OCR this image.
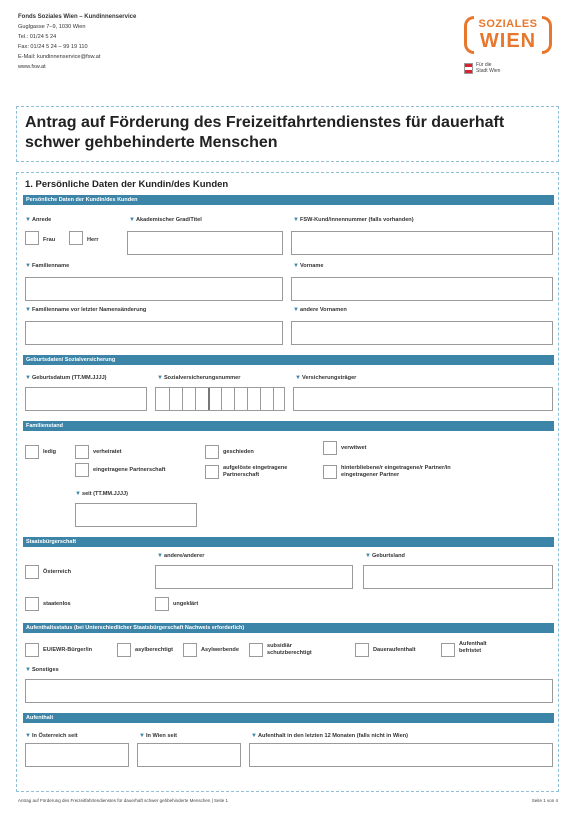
Fonds Soziales Wien – Kundinnenservice
Guglgasse 7–9, 1030 Wien
Tel.: 01/24 5 24
Fax: 01/24 5 24 – 99 19 110
E-Mail: kundinnenservice@fsw.at
www.fsw.at
SOZIALES
WIEN
Für die
Stadt Wien
Antrag auf Förderung des Freizeitfahrtendienstes für dauerhaft schwer gehbehinderte Menschen
1. Persönliche Daten der Kundin/des Kunden
Persönliche Daten der Kundin/des Kunden
▼Anrede
Frau	Herr
▼Akademischer Grad/Titel	▼FSW-Kund/innennummer (falls vorhanden)
▼Familienname	▼Vorname
▼Familienname vor letzter Namensänderung	▼andere Vornamen
Geburtsdaten/ Sozialversicherung
▼Geburtsdatum (TT.MM.JJJJ)	▼Sozialversicherungsnummer	▼Versicherungsträger
Familienstand
ledig	verheiratet	geschieden
verwitwet
eingetragene Partnerschaft	aufgelöste eingetragene Partnerschaft
hinterbliebene/r eingetragene/r Partner/in eingetragener Partner
▼seit (TT.MM.JJJJ)
Staatsbürgerschaft
Österreich
▼andere/anderer	▼Geburtsland
staatenlos	ungeklärt
Aufenthaltsstatus (bei Unterschiedlicher Staatsbürgerschaft Nachweis erforderlich)
EU/EWR-Bürger/in	asylberechtigt	Asylwerbende
subsidiär schutzberechtigt	Daueraufenthalt
Aufenthalt befristet
▼Sonstiges
Aufenthalt
▼In Österreich seit	▼In Wien seit	▼Aufenthalt in den letzten 12 Monaten (falls nicht in Wien)
Antrag auf Förderung des Freizeitfahrtendienstes für dauerhaft schwer gehbehinderte Menschen | Seite 1	Seite 1 von 4
